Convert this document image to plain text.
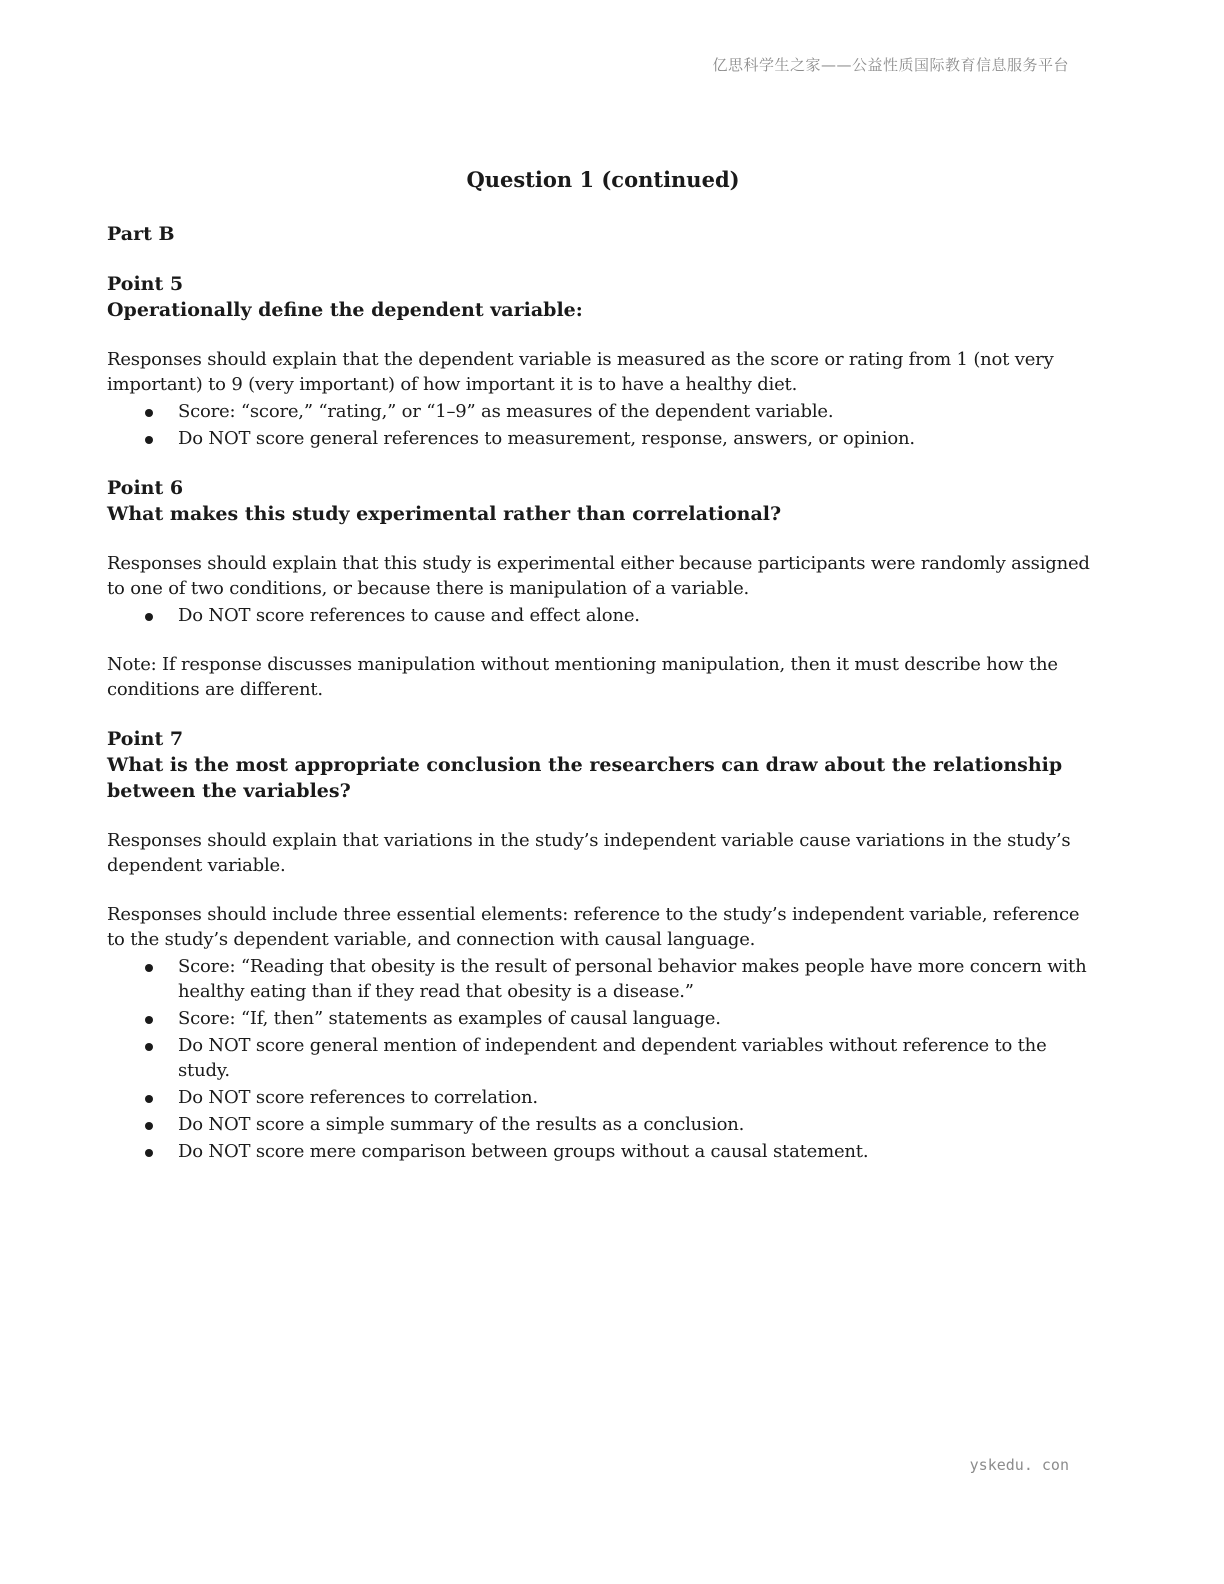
亿思科学生之家——公益性质国际教育信息服务平台
Question 1 (continued)
Part B
Point 5
Operationally define the dependent variable:

Responses should explain that the dependent variable is measured as the score or rating from 1 (not very important) to 9 (very important) of how important it is to have a healthy diet.

Score: “score,” “rating,” or “1–9” as measures of the dependent variable.
Do NOT score general references to measurement, response, answers, or opinion.
Point 6
What makes this study experimental rather than correlational?

Responses should explain that this study is experimental either because participants were randomly assigned to one of two conditions, or because there is manipulation of a variable.

Do NOT score references to cause and effect alone.

Note: If response discusses manipulation without mentioning manipulation, then it must describe how the conditions are different.

Point 7
What is the most appropriate conclusion the researchers can draw about the relationship between the variables?

Responses should explain that variations in the study’s independent variable cause variations in the study’s dependent variable.

Responses should include three essential elements: reference to the study’s independent variable, reference to the study’s dependent variable, and connection with causal language.

Score: “Reading that obesity is the result of personal behavior makes people have more concern with healthy eating than if they read that obesity is a disease.”
Score: “If, then” statements as examples of causal language.
Do NOT score general mention of independent and dependent variables without reference to the study.
Do NOT score references to correlation.
Do NOT score a simple summary of the results as a conclusion.
Do NOT score mere comparison between groups without a causal statement.
yskedu. con
